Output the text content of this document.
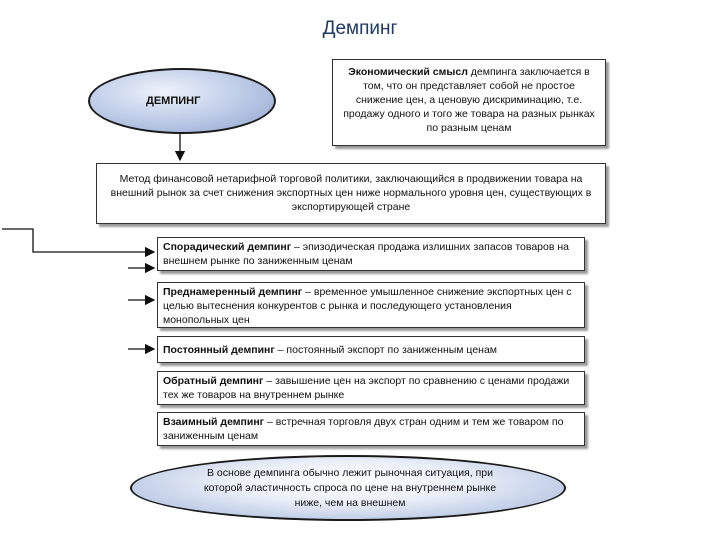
Демпинг
ДЕМПИНГ
Экономический смысл демпинга заключается в том, что он представляет собой не простое снижение цен, а ценовую дискриминацию, т.е. продажу одного и того же товара на разных рынках по разным ценам
Метод финансовой нетарифной торговой политики, заключающийся в продвижении товара на внешний рынок за счет снижения экспортных цен ниже нормального уровня цен, существующих в экспортирующей стране
Спорадический демпинг – эпизодическая продажа излишних запасов товаров на внешнем рынке по заниженным ценам
Преднамеренный демпинг – временное умышленное снижение экспортных цен с целью вытеснения конкурентов с рынка и последующего установления монопольных цен
Постоянный демпинг – постоянный экспорт по заниженным ценам
Обратный демпинг – завышение цен на экспорт по сравнению с ценами продажи тех же товаров на внутреннем рынке
Взаимный демпинг – встречная торговля двух стран одним и тем же товаром по заниженным ценам
В основе демпинга обычно лежит рыночная ситуация, при которой эластичность спроса по цене на внутреннем рынке ниже, чем на внешнем
